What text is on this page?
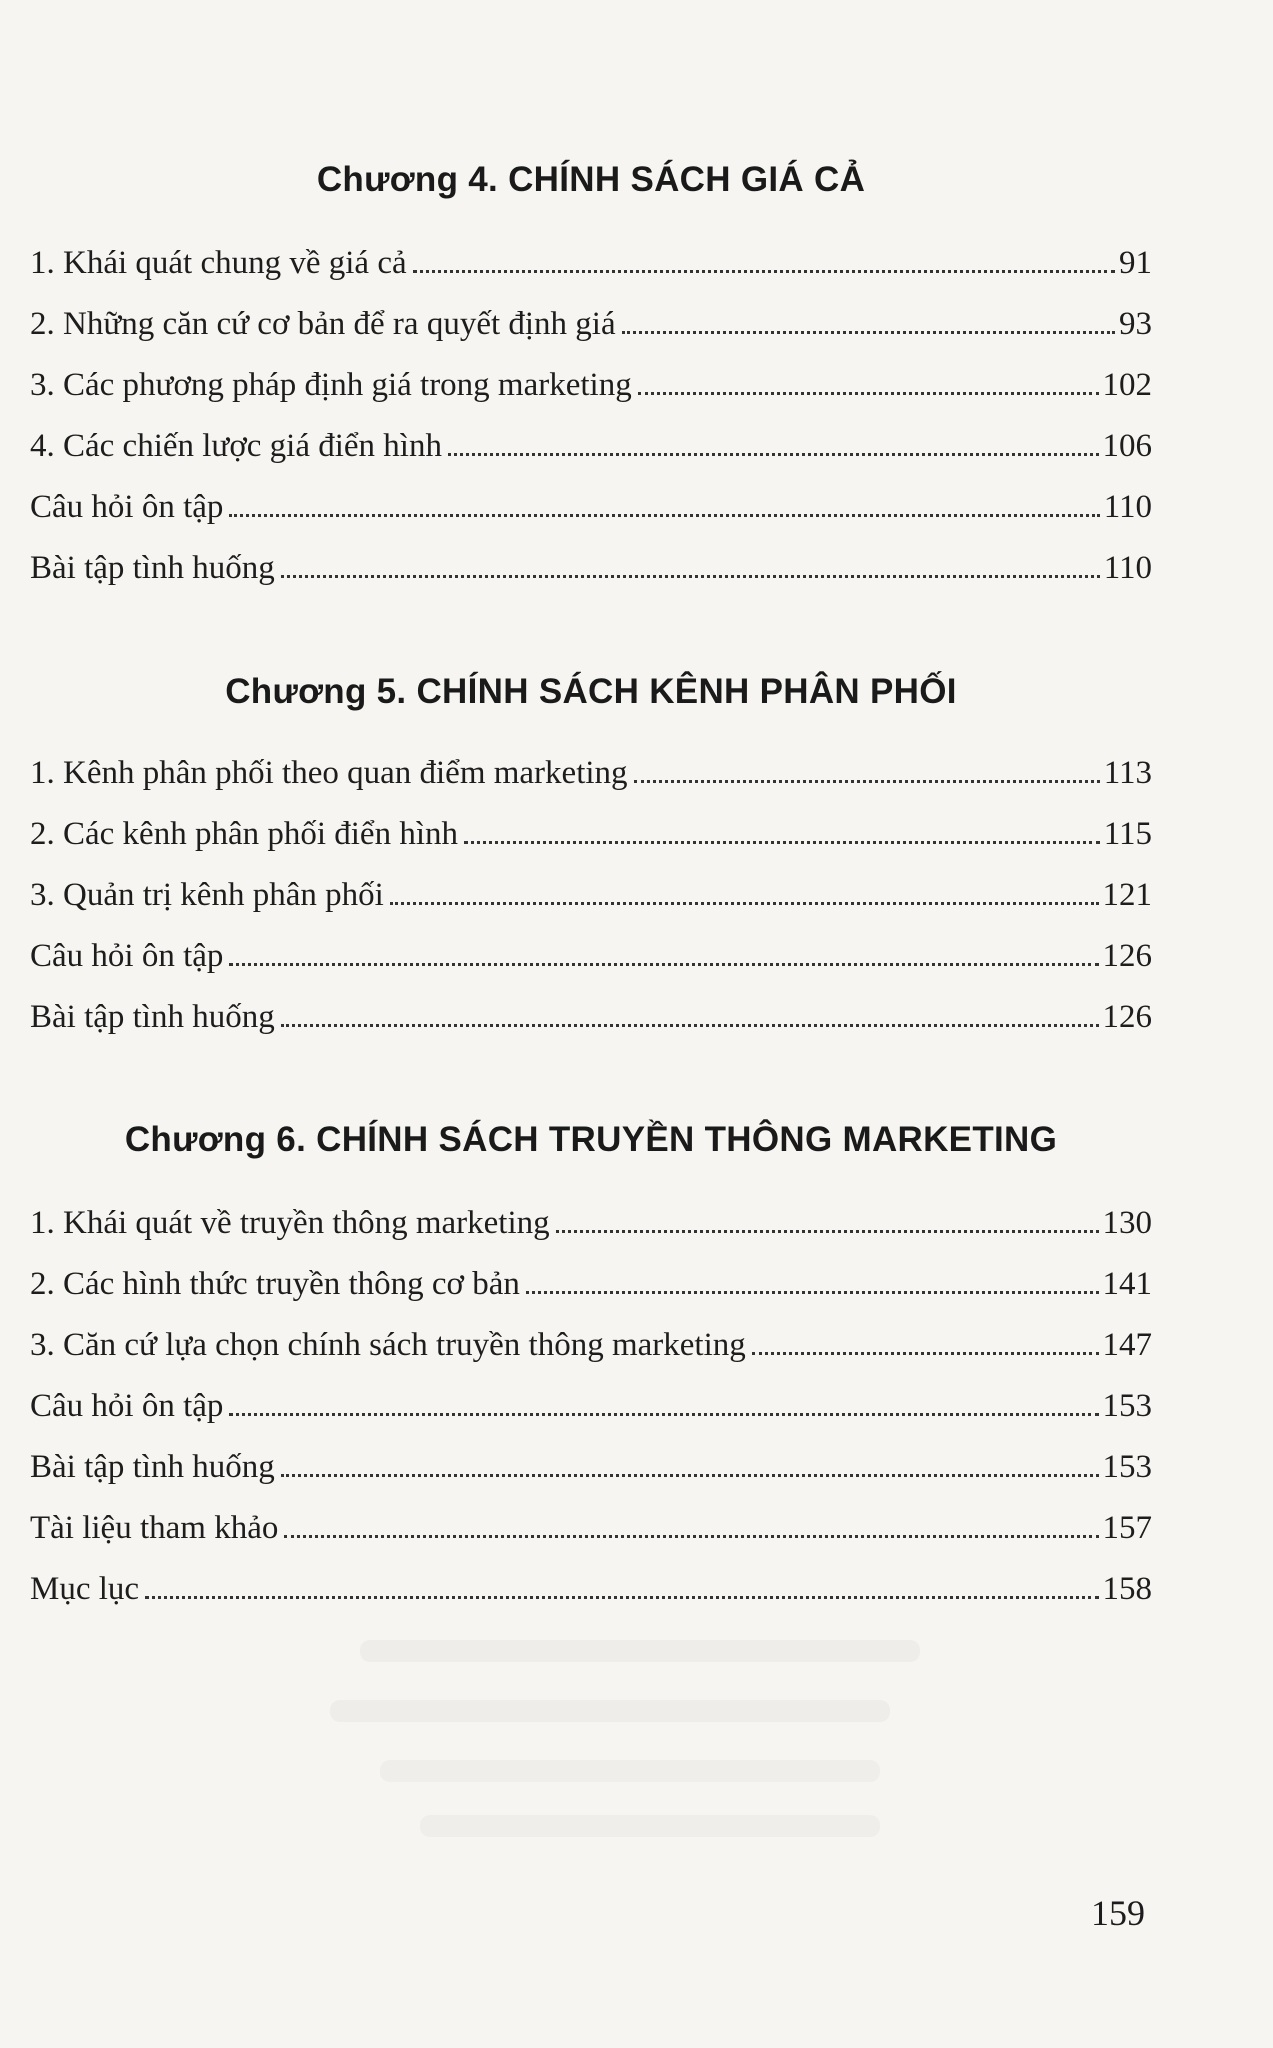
Chương 4. CHÍNH SÁCH GIÁ CẢ
1. Khái quát chung về giá cả	91
2. Những căn cứ cơ bản để ra quyết định giá	93
3. Các phương pháp định giá trong marketing	102
4. Các chiến lược giá điển hình	106
Câu hỏi ôn tập	110
Bài tập tình huống	110
Chương 5. CHÍNH SÁCH KÊNH PHÂN PHỐI
1. Kênh phân phối theo quan điểm marketing	113
2. Các kênh phân phối điển hình	115
3. Quản trị kênh phân phối	121
Câu hỏi ôn tập	126
Bài tập tình huống	126
Chương 6. CHÍNH SÁCH TRUYỀN THÔNG MARKETING
1. Khái quát về truyền thông marketing	130
2. Các hình thức truyền thông cơ bản	141
3. Căn cứ lựa chọn chính sách truyền thông marketing	147
Câu hỏi ôn tập	153
Bài tập tình huống	153
Tài liệu tham khảo	157
Mục lục	158
159
